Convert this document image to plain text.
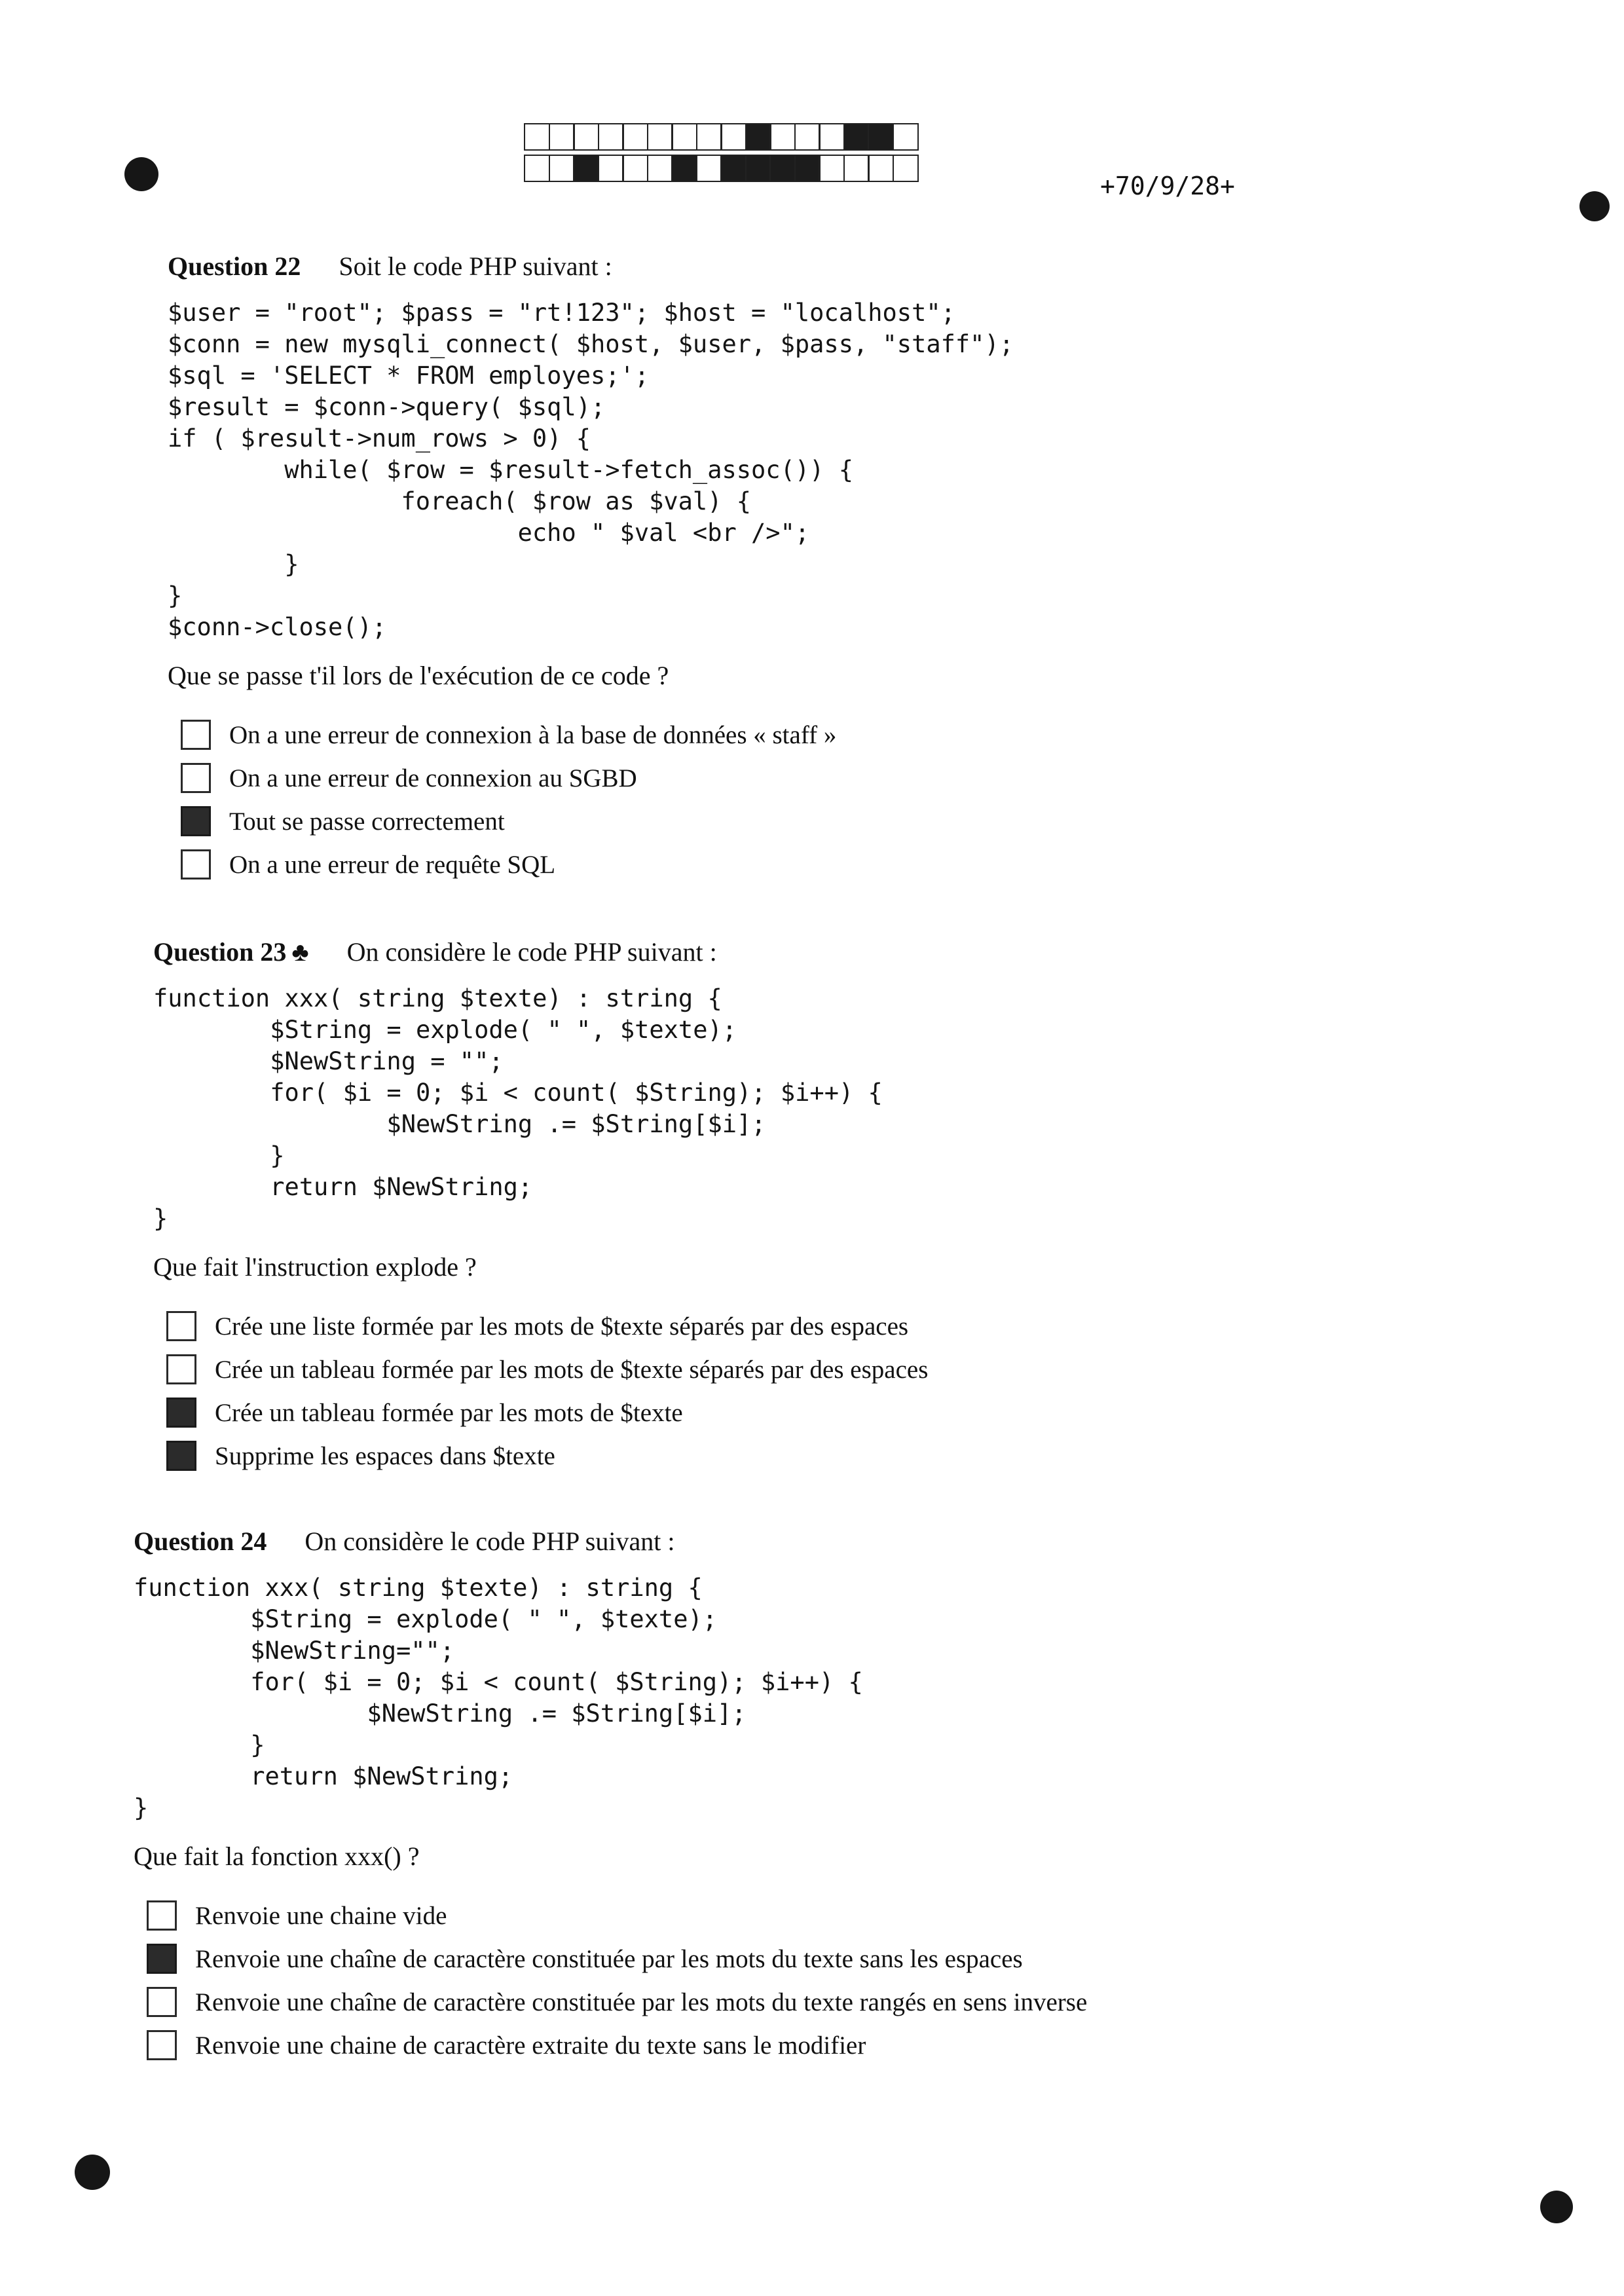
+70/9/28+
Question 22 Soit le code PHP suivant :
$user = "root"; $pass = "rt!123"; $host = "localhost";
$conn = new mysqli_connect( $host, $user, $pass, "staff");
$sql = 'SELECT * FROM employes;';
$result = $conn->query( $sql);
if ( $result->num_rows > 0) {
while( $row = $result->fetch_assoc()) {
foreach( $row as $val) {
echo " $val <br />";
}
}
$conn->close();
Que se passe t'il lors de l'exécution de ce code ?
On a une erreur de connexion à la base de données « staff »
On a une erreur de connexion au SGBD
Tout se passe correctement
On a une erreur de requête SQL
Question 23 ♣ On considère le code PHP suivant :
function xxx( string $texte) : string {
$String = explode( " ", $texte);
$NewString = "";
for( $i = 0; $i < count( $String); $i++) {
$NewString .= $String[$i];
}
return $NewString;
}
Que fait l'instruction explode ?
Crée une liste formée par les mots de $texte séparés par des espaces
Crée un tableau formée par les mots de $texte séparés par des espaces
Crée un tableau formée par les mots de $texte
Supprime les espaces dans $texte
Question 24 On considère le code PHP suivant :
function xxx( string $texte) : string {
$String = explode( " ", $texte);
$NewString="";
for( $i = 0; $i < count( $String); $i++) {
$NewString .= $String[$i];
}
return $NewString;
}
Que fait la fonction xxx() ?
Renvoie une chaine vide
Renvoie une chaîne de caractère constituée par les mots du texte sans les espaces
Renvoie une chaîne de caractère constituée par les mots du texte rangés en sens inverse
Renvoie une chaine de caractère extraite du texte sans le modifier
